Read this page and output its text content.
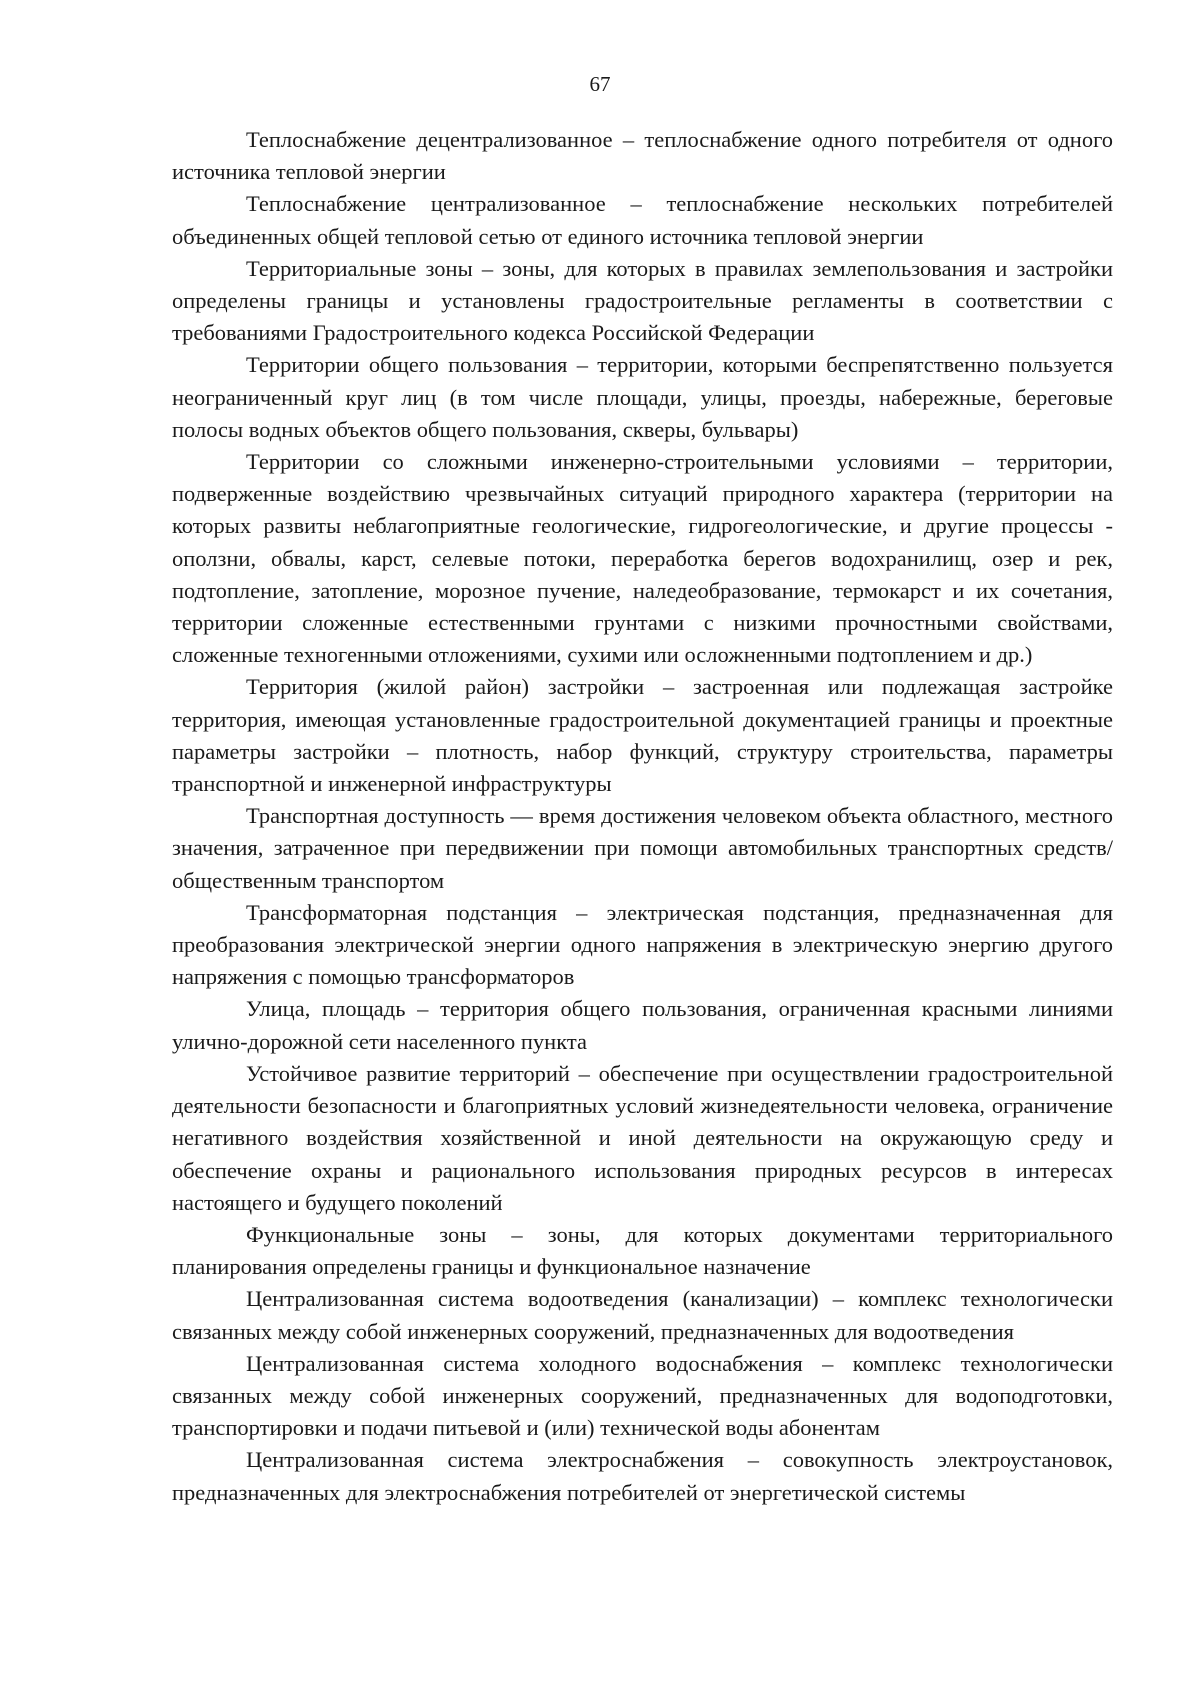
67

Теплоснабжение децентрализованное – теплоснабжение одного потребителя от одного источника тепловой энергии

Теплоснабжение централизованное – теплоснабжение нескольких потребителей объединенных общей тепловой сетью от единого источника тепловой энергии

Территориальные зоны – зоны, для которых в правилах землепользования и застройки определены границы и установлены градостроительные регламенты в соответствии с требованиями Градостроительного кодекса Российской Федерации

Территории общего пользования – территории, которыми беспрепятственно пользуется неограниченный круг лиц (в том числе площади, улицы, проезды, набережные, береговые полосы водных объектов общего пользования, скверы, бульвары)

Территории со сложными инженерно-строительными условиями – территории, подверженные воздействию чрезвычайных ситуаций природного характера (территории на которых развиты неблагоприятные геологические, гидрогеологические, и другие процессы - оползни, обвалы, карст, селевые потоки, переработка берегов водохранилищ, озер и рек, подтопление, затопление, морозное пучение, наледеобразование, термокарст и их сочетания, территории сложенные естественными грунтами с низкими прочностными свойствами, сложенные техногенными отложениями, сухими или осложненными подтоплением и др.)

Территория (жилой район) застройки – застроенная или подлежащая застройке территория, имеющая установленные градостроительной документацией границы и проектные параметры застройки – плотность, набор функций, структуру строительства, параметры транспортной и инженерной инфраструктуры

Транспортная доступность — время достижения человеком объекта областного, местного значения, затраченное при передвижении при помощи автомобильных транспортных средств/общественным транспортом

Трансформаторная подстанция – электрическая подстанция, предназначенная для преобразования электрической энергии одного напряжения в электрическую энергию другого напряжения с помощью трансформаторов

Улица, площадь – территория общего пользования, ограниченная красными линиями улично-дорожной сети населенного пункта

Устойчивое развитие территорий – обеспечение при осуществлении градостроительной деятельности безопасности и благоприятных условий жизнедеятельности человека, ограничение негативного воздействия хозяйственной и иной деятельности на окружающую среду и обеспечение охраны и рационального использования природных ресурсов в интересах настоящего и будущего поколений

Функциональные зоны – зоны, для которых документами территориального планирования определены границы и функциональное назначение

Централизованная система водоотведения (канализации) – комплекс технологически связанных между собой инженерных сооружений, предназначенных для водоотведения

Централизованная система холодного водоснабжения – комплекс технологически связанных между собой инженерных сооружений, предназначенных для водоподготовки, транспортировки и подачи питьевой и (или) технической воды абонентам

Централизованная система электроснабжения – совокупность электроустановок, предназначенных для электроснабжения потребителей от энергетической системы
